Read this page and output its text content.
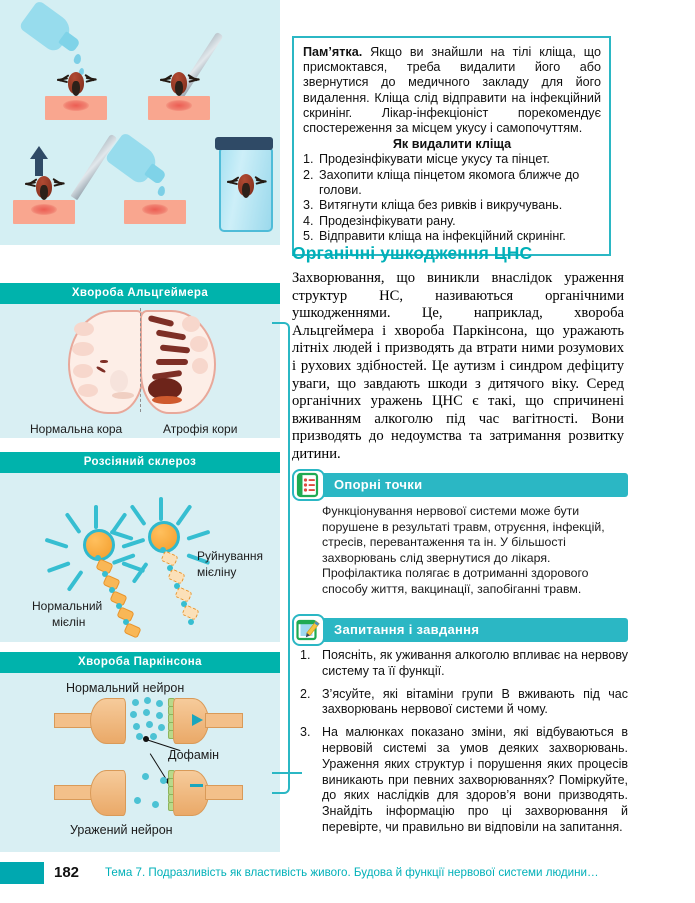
Хвороба Альцгеймера
Нормальна кора	Атрофія кори
Розсіяний склероз
Руйнування
мієліну
Нормальний
мієлін
Хвороба Паркінсона
Нормальний нейрон
Дофамін
Уражений нейрон

Пам’ятка. Якщо ви знайшли на тілі кліща, що присмоктався, треба видалити його або звернутися до медичного закладу для його видалення. Кліща слід відправити на інфекційний скринінг. Лікар-інфекціоніст порекомендує спостереження за місцем укусу і самопочуттям.

Як видалити кліща
1. Продезінфікувати місце укусу та пінцет.
2. Захопити кліща пінцетом якомога ближче до голови.
3. Витягнути кліща без ривків і викручувань.
4. Продезінфікувати рану.
5. Відправити кліща на інфекційний скринінг.
Органічні ушкодження ЦНС

Захворювання, що виникли внаслідок ураження структур НС, називаються органічними ушкодженнями. Це, наприклад, хвороба Альцгеймера і хвороба Паркінсона, що уражають літніх людей і призводять да втрати ними розумових і рухових здібностей. Це аутизм і синдром дефіциту уваги, що завдають шкоди з дитячого віку. Серед органічних уражень ЦНС є такі, що спричинені вживанням алкоголю під час вагітності. Вони призводять до недоумства та затримання розвитку дитини.

Опорні точки
Функціонування нервової системи може бути порушене в результаті травм, отруєння, інфекцій, стресів, перевантаження та ін. У більшості захворювань слід звернутися до лікаря. Профілактика полягає в дотриманні здорового способу життя, вакцинації, запобіганні травм.
Запитання і завдання
1. Поясніть, як уживання алкоголю впливає на нервову систему та її функції.
2. З’ясуйте, які вітаміни групи В вживають під час захворювань нервової системи й чому.
3. На малюнках показано зміни, які відбуваються в нервовій системі за умов деяких захворювань. Ураження яких структур і порушення яких процесів виникають при певних захворюваннях? Поміркуйте, до яких наслідків для здоров’я вони призводять. Знайдіть інформацію про ці захворювання й перевірте, чи правильно ви відповіли на запитання.
182 Тема 7. Подразливість як властивість живого. Будова й функції нервової системи людини…
